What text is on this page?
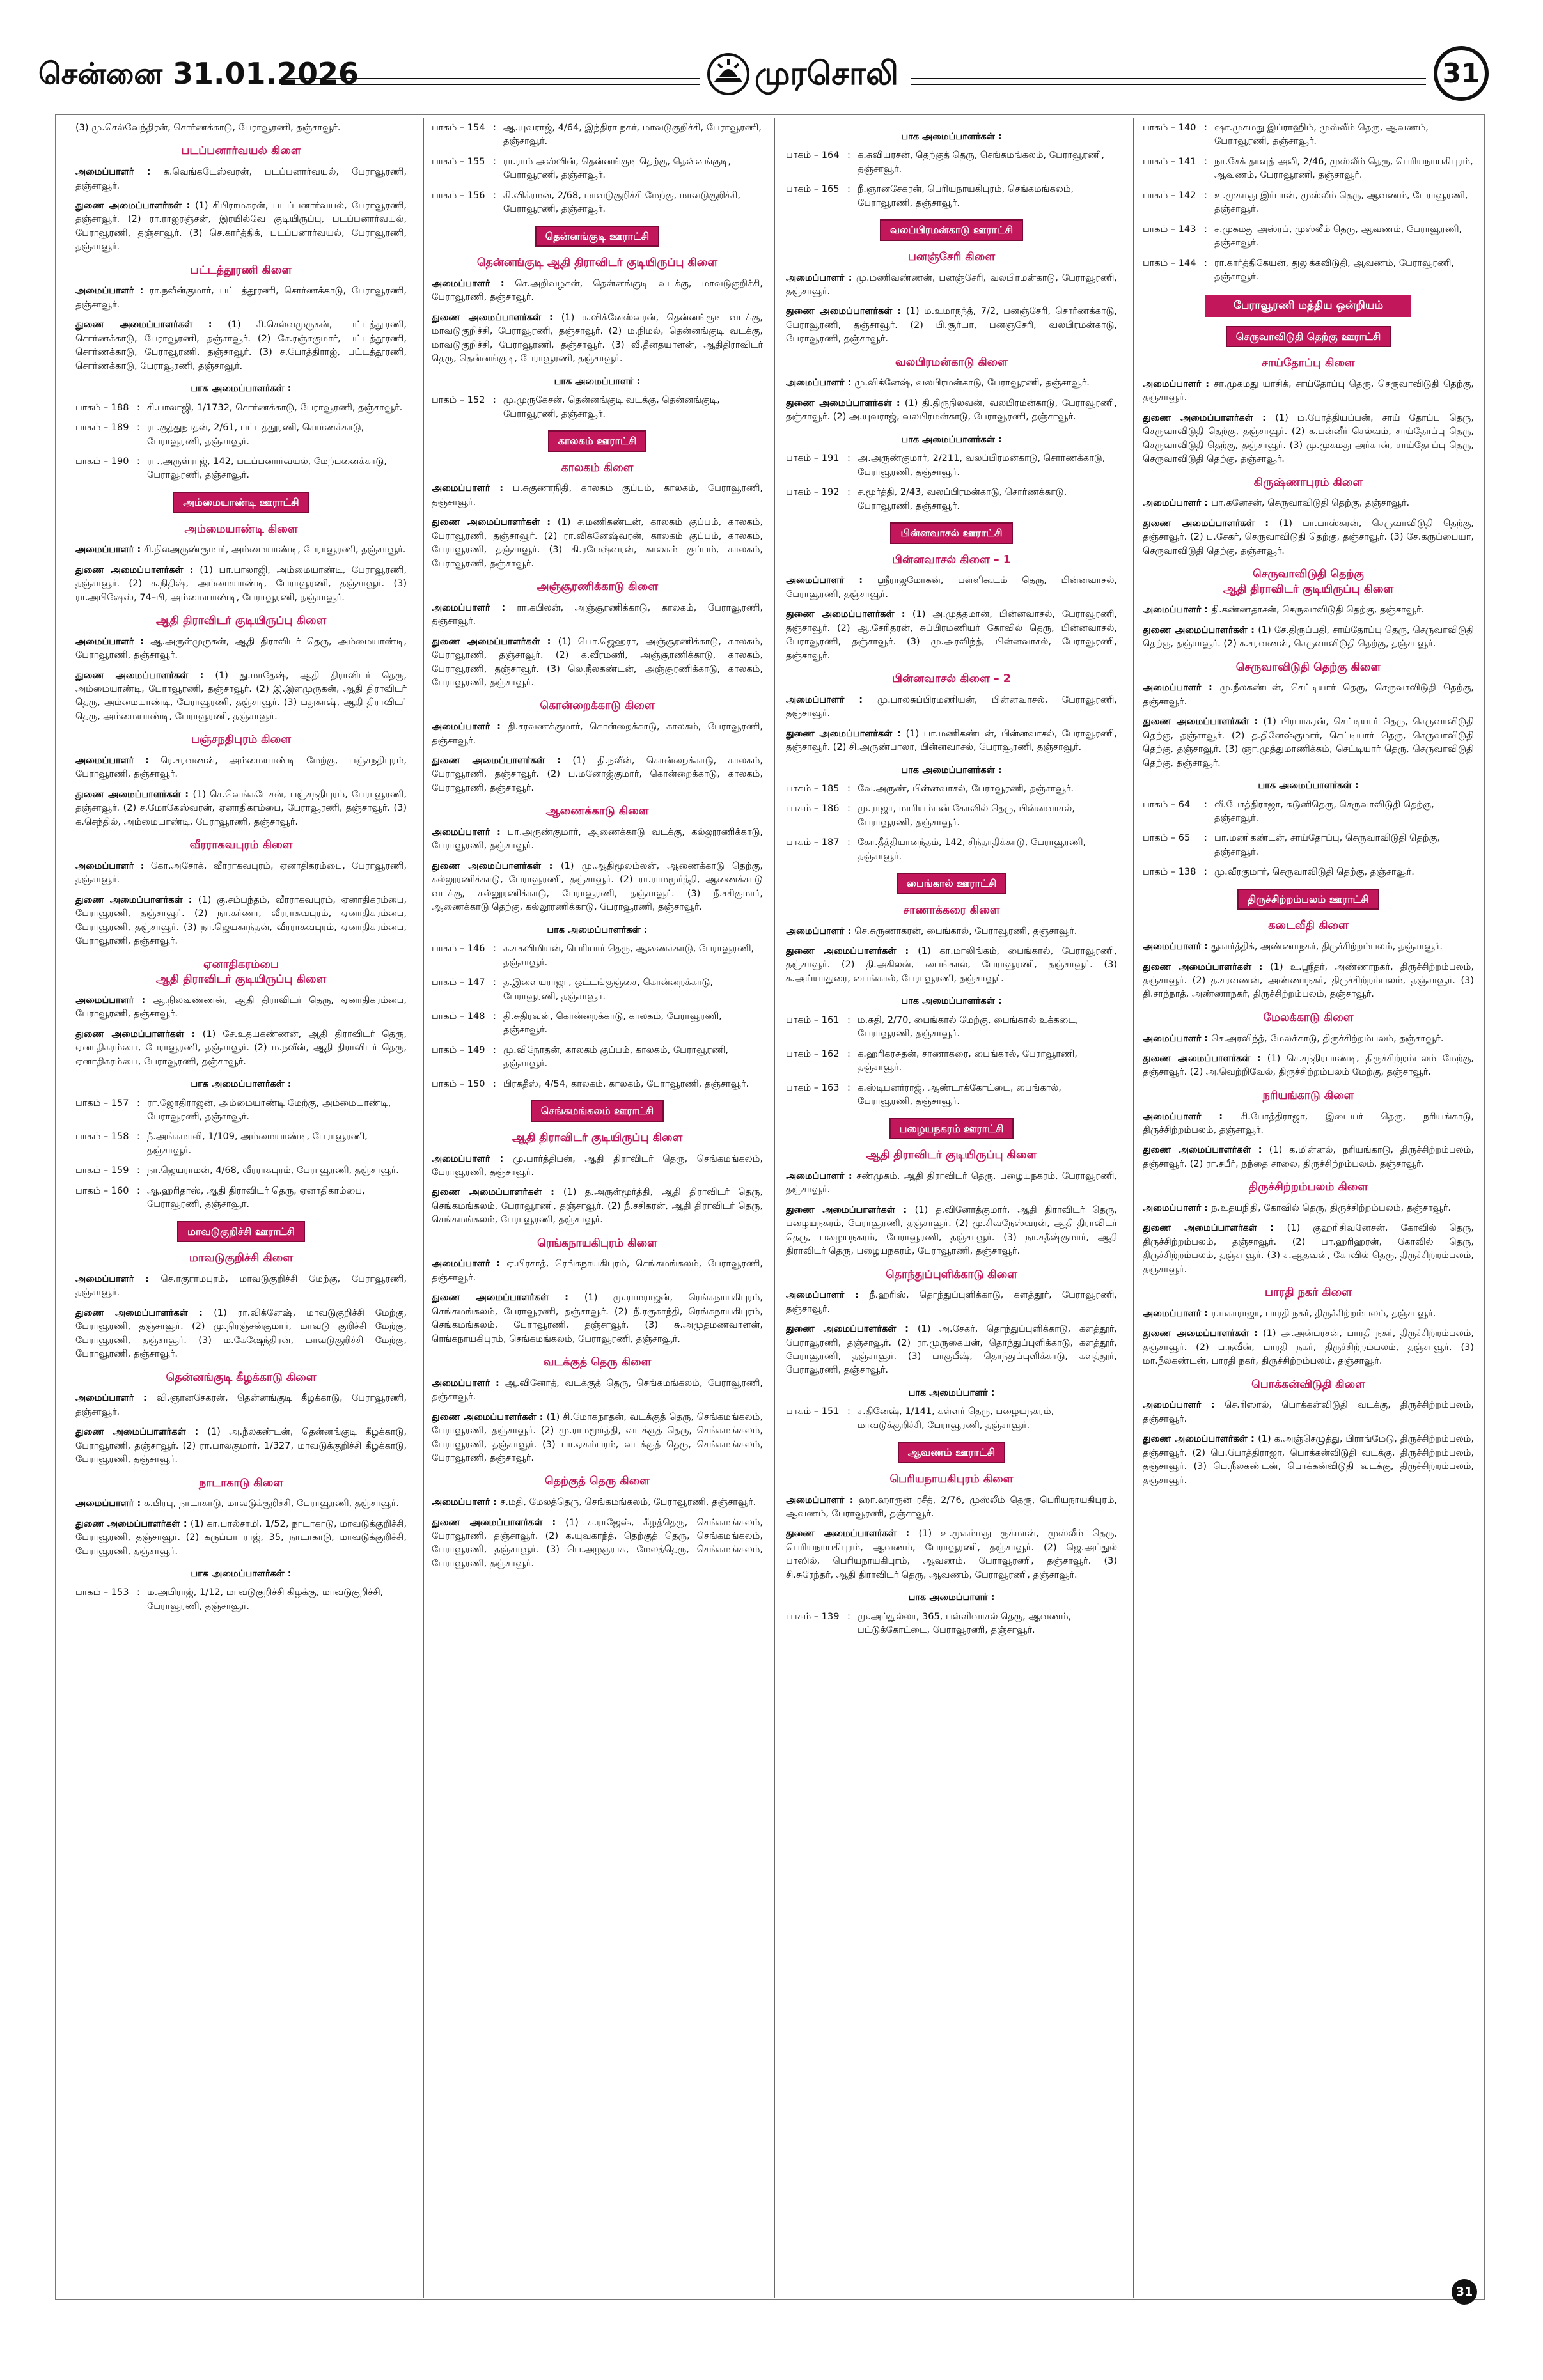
சென்னை 31.01.2026	முரசொலி	31

(3) மு.செல்வேந்திரன், சொர்ணக்காடு, பேராவூரணி, தஞ்சாவூர்.

படப்பனார்வயல் கிளை

அமைப்பாளர் : க.வெங்கடேஸ்வரன், படப்பனார்வயல், பேராவூரணி, தஞ்சாவூர்.

துணை அமைப்பாளர்கள் : (1) சிபிராமகரன், படப்பனார்வயல், பேராவூரணி, தஞ்சாவூர். (2) ரா.ராஜரஞ்சன், இரயில்வே குடியிருப்பு, படப்பனார்வயல், பேராவூரணி, தஞ்சாவூர். (3) செ.கார்த்திக், படப்பனார்வயல், பேராவூரணி, தஞ்சாவூர்.

பட்டத்தூரணி கிளை

அமைப்பாளர் : ரா.நவீன்குமார், பட்டத்தூரணி, சொர்ணக்காடு, பேராவூரணி, தஞ்சாவூர்.

துணை அமைப்பாளர்கள் : (1) சி.செல்வமுருகன், பட்டத்தூரணி, சொர்ணக்காடு, பேராவூரணி, தஞ்சாவூர். (2) சே.ரஞ்சகுமார், பட்டத்தூரணி, சொர்ணக்காடு, பேராவூரணி, தஞ்சாவூர். (3) ச.போத்திராஜ், பட்டத்தூரணி, சொர்ணக்காடு, பேராவூரணி, தஞ்சாவூர்.

பாக அமைப்பாளர்கள் :
பாகம் – 188 : சி.பாலாஜி, 1/1732, சொர்ணக்காடு, பேராவூரணி, தஞ்சாவூர்.
பாகம் – 189 : ரா.குத்துநாதன், 2/61, பட்டத்தூரணி, சொர்ணக்காடு, பேராவூரணி, தஞ்சாவூர்.
பாகம் – 190 : ரா.,அருள்ராஜ், 142, படப்பனார்வயல், மேற்பனைக்காடு, பேராவூரணி, தஞ்சாவூர்.
அம்மையாண்டி ஊராட்சி
அம்மையாண்டி கிளை

அமைப்பாளர் : சி.நிலஅருண்குமார், அம்மையாண்டி, பேராவூரணி, தஞ்சாவூர்.

துணை அமைப்பாளர்கள் : (1) பா.பாலாஜி, அம்மையாண்டி, பேராவூரணி, தஞ்சாவூர். (2) க.நிதிஷ், அம்மையாண்டி, பேராவூரணி, தஞ்சாவூர். (3) ரா.அபிஷேஸ், 74–பி, அம்மையாண்டி, பேராவூரணி, தஞ்சாவூர்.

ஆதி திராவிடர் குடியிருப்பு கிளை

அமைப்பாளர் : ஆ.அருள்முருகன், ஆதி திராவிடர் தெரு, அம்மையாண்டி, பேராவூரணி, தஞ்சாவூர்.

துணை அமைப்பாளர்கள் : (1) து.மாதேஷ், ஆதி திராவிடர் தெரு, அம்மையாண்டி, பேராவூரணி, தஞ்சாவூர். (2) இ.இளமுருகன், ஆதி திராவிடர் தெரு, அம்மையாண்டி, பேராவூரணி, தஞ்சாவூர். (3) பதுகாஷ், ஆதி திராவிடர் தெரு, அம்மையாண்டி, பேராவூரணி, தஞ்சாவூர்.

பஞ்சநதிபுரம் கிளை

அமைப்பாளர் : ரெ.சரவணன், அம்மையாண்டி மேற்கு, பஞ்சநதிபுரம், பேராவூரணி, தஞ்சாவூர்.

துணை அமைப்பாளர்கள் : (1) செ.வெங்கடேசன், பஞ்சநதிபுரம், பேராவூரணி, தஞ்சாவூர். (2) ச.மோகேஸ்வரன், ஏனாதிகரம்பை, பேராவூரணி, தஞ்சாவூர். (3) க.செந்தில், அம்மையாண்டி, பேராவூரணி, தஞ்சாவூர்.

வீரராகவபுரம் கிளை

அமைப்பாளர் : கோ.அசோக், வீரராகவபுரம், ஏனாதிகரம்பை, பேராவூரணி, தஞ்சாவூர்.

துணை அமைப்பாளர்கள் : (1) கு.சம்பந்தம், வீரராகவபுரம், ஏனாதிகரம்பை, பேராவூரணி, தஞ்சாவூர். (2) நா.கர்ணா, வீரராகவபுரம், ஏனாதிகரம்பை, பேராவூரணி, தஞ்சாவூர். (3) நா.ஜெயகாந்தன், வீரராகவபுரம், ஏனாதிகரம்பை, பேராவூரணி, தஞ்சாவூர்.

ஏனாதிகரம்பை
ஆதி திராவிடர் குடியிருப்பு கிளை

அமைப்பாளர் : ஆ.நிலவண்ணன், ஆதி திராவிடர் தெரு, ஏனாதிகரம்பை, பேராவூரணி, தஞ்சாவூர்.

துணை அமைப்பாளர்கள் : (1) சே.உதயகண்ணன், ஆதி திராவிடர் தெரு, ஏனாதிகரம்பை, பேராவூரணி, தஞ்சாவூர். (2) ம.நவீன், ஆதி திராவிடர் தெரு, ஏனாதிகரம்பை, பேராவூரணி, தஞ்சாவூர்.

பாக அமைப்பாளர்கள் :
பாகம் – 157 : ரா.ஜோதிராஜன், அம்மையாண்டி மேற்கு, அம்மையாண்டி, பேராவூரணி, தஞ்சாவூர்.
பாகம் – 158 : நீ.அங்கமாலி, 1/109, அம்மையாண்டி, பேராவூரணி, தஞ்சாவூர்.
பாகம் – 159 : நா.ஜெயராமன், 4/68, வீரராகபுரம், பேராவூரணி, தஞ்சாவூர்.
பாகம் – 160 : ஆ.ஹரிதாஸ், ஆதி திராவிடர் தெரு, ஏனாதிகரம்பை, பேராவூரணி, தஞ்சாவூர்.
மாவடுகுறிச்சி ஊராட்சி
மாவடுகுறிச்சி கிளை

அமைப்பாளர் : செ.ரகுராமபுரம், மாவடுகுறிச்சி மேற்கு, பேராவூரணி, தஞ்சாவூர்.

துணை அமைப்பாளர்கள் : (1) ரா.விக்னேஷ், மாவடுகுறிச்சி மேற்கு, பேராவூரணி, தஞ்சாவூர். (2) மு.நிரஞ்சன்குமார், மாவடு குறிச்சி மேற்கு, பேராவூரணி, தஞ்சாவூர். (3) ம.கேஷேந்திரன், மாவடுகுறிச்சி மேற்கு, பேராவூரணி, தஞ்சாவூர்.

தென்னங்குடி கீழக்காடு கிளை

அமைப்பாளர் : வி.ஞானசேகரன், தென்னங்குடி கீழக்காடு, பேராவூரணி, தஞ்சாவூர்.

துணை அமைப்பாளர்கள் : (1) அ.நீலகண்டன், தென்னங்குடி கீழக்காடு, பேராவூரணி, தஞ்சாவூர். (2) ரா.பாலகுமார், 1/327, மாவடுக்குறிச்சி கீழக்காடு, பேராவூரணி, தஞ்சாவூர்.

நாடாகாடு கிளை

அமைப்பாளர் : க.பிரபு, நாடாகாடு, மாவடுக்குறிச்சி, பேராவூரணி, தஞ்சாவூர்.

துணை அமைப்பாளர்கள் : (1) கா.பால்சாமி, 1/52, நாடாகாடு, மாவடுக்குறிச்சி, பேராவூரணி, தஞ்சாவூர். (2) கருப்பா ராஜ், 35, நாடாகாடு, மாவடுக்குறிச்சி, பேராவூரணி, தஞ்சாவூர்.

பாக அமைப்பாளர்கள் :
பாகம் – 153 : ம.அபிராஜ், 1/12, மாவடுகுறிச்சி கிழக்கு, மாவடுகுறிச்சி, பேராவூரணி, தஞ்சாவூர்.
பாகம் – 154 : ஆ.யுவராஜ், 4/64, இந்திரா நகர், மாவடுகுறிச்சி, பேராவூரணி, தஞ்சாவூர்.
பாகம் – 155 : ரா.ராம் அஸ்வின், தென்னங்குடி தெற்கு, தென்னங்குடி, பேராவூரணி, தஞ்சாவூர்.
பாகம் – 156 : கி.விக்ரமன், 2/68, மாவடுகுறிச்சி மேற்கு, மாவடுகுறிச்சி, பேராவூரணி, தஞ்சாவூர்.
தென்னங்குடி ஊராட்சி
தென்னங்குடி ஆதி திராவிடர் குடியிருப்பு கிளை

அமைப்பாளர் : செ.அறிவழகன், தென்னங்குடி வடக்கு, மாவடுகுறிச்சி, பேராவூரணி, தஞ்சாவூர்.

துணை அமைப்பாளர்கள் : (1) க.விக்னேஸ்வரன், தென்னங்குடி வடக்கு, மாவடுகுறிச்சி, பேராவூரணி, தஞ்சாவூர். (2) ம.நிமல், தென்னங்குடி வடக்கு, மாவடுகுறிச்சி, பேராவூரணி, தஞ்சாவூர். (3) வீ.தீனதயாளன், ஆதிதிராவிடர் தெரு, தென்னங்குடி, பேராவூரணி, தஞ்சாவூர்.

பாக அமைப்பாளர் :
பாகம் – 152 : மு.முருகேசன், தென்னங்குடி வடக்கு, தென்னங்குடி, பேராவூரணி, தஞ்சாவூர்.
காலகம் ஊராட்சி
காலகம் கிளை

அமைப்பாளர் : ப.சுகுணாநிதி, காலகம் குப்பம், காலகம், பேராவூரணி, தஞ்சாவூர்.

துணை அமைப்பாளர்கள் : (1) ச.மணிகண்டன், காலகம் குப்பம், காலகம், பேராவூரணி, தஞ்சாவூர். (2) ரா.விக்னேஷ்வரன், காலகம் குப்பம், காலகம், பேராவூரணி, தஞ்சாவூர். (3) கி.ரமேஷ்வரன், காலகம் குப்பம், காலகம், பேராவூரணி, தஞ்சாவூர்.

அஞ்சூரணிக்காடு கிளை

அமைப்பாளர் : ரா.கபிலன், அஞ்சூரணிக்காடு, காலகம், பேராவூரணி, தஞ்சாவூர்.

துணை அமைப்பாளர்கள் : (1) பொ.ஜெஹரா, அஞ்சூரணிக்காடு, காலகம், பேராவூரணி, தஞ்சாவூர். (2) க.வீரமணி, அஞ்சூரணிக்காடு, காலகம், பேராவூரணி, தஞ்சாவூர். (3) லெ.நீலகண்டன், அஞ்சூரணிக்காடு, காலகம், பேராவூரணி, தஞ்சாவூர்.

கொன்றைக்காடு கிளை

அமைப்பாளர் : தி.சரவணக்குமார், கொன்றைக்காடு, காலகம், பேராவூரணி, தஞ்சாவூர்.

துணை அமைப்பாளர்கள் : (1) தி.நவீன், கொன்றைக்காடு, காலகம், பேராவூரணி, தஞ்சாவூர். (2) ப.மனோஜ்குமார், கொன்றைக்காடு, காலகம், பேராவூரணி, தஞ்சாவூர்.

ஆணைக்காடு கிளை

அமைப்பாளர் : பா.அருண்குமார், ஆணைக்காடு வடக்கு, கல்லூரணிக்காடு, பேராவூரணி, தஞ்சாவூர்.

துணை அமைப்பாளர்கள் : (1) மு.ஆதிமூலம்லன், ஆணைக்காடு தெற்கு, கல்லூரணிக்காடு, பேராவூரணி, தஞ்சாவூர். (2) ரா.ராமமூர்த்தி, ஆணைக்காடு வடக்கு, கல்லூரணிக்காடு, பேராவூரணி, தஞ்சாவூர். (3) நீ.சசிகுமார், ஆணைக்காடு தெற்கு, கல்லூரணிக்காடு, பேராவூரணி, தஞ்சாவூர்.

பாக அமைப்பாளர்கள் :
பாகம் – 146 : க.சுகவிமியன், பெரியார் தெரு, ஆணைக்காடு, பேராவூரணி, தஞ்சாவூர்.
பாகம் – 147 : த.இளையராஜா, ஒட்டங்குஞ்சை, கொன்றைக்காடு, பேராவூரணி, தஞ்சாவூர்.
பாகம் – 148 : தி.சுதிரவன், கொன்றைக்காடு, காலகம், பேராவூரணி, தஞ்சாவூர்.
பாகம் – 149 : மு.விநோதன், காலகம் குப்பம், காலகம், பேராவூரணி, தஞ்சாவூர்.
பாகம் – 150 : பிரகதீஸ், 4/54, காலகம், காலகம், பேராவூரணி, தஞ்சாவூர்.
செங்கமங்கலம் ஊராட்சி
ஆதி திராவிடர் குடியிருப்பு கிளை

அமைப்பாளர் : மு.பார்த்திபன், ஆதி திராவிடர் தெரு, செங்கமங்கலம், பேராவூரணி, தஞ்சாவூர்.

துணை அமைப்பாளர்கள் : (1) த.அருள்மூர்த்தி, ஆதி திராவிடர் தெரு, செங்கமங்கலம், பேராவூரணி, தஞ்சாவூர். (2) நீ.சசிகரன், ஆதி திராவிடர் தெரு, செங்கமங்கலம், பேராவூரணி, தஞ்சாவூர்.

ரெங்கநாயகிபுரம் கிளை

அமைப்பாளர் : ஏ.பிரசாத், ரெங்கநாயகிபுரம், செங்கமங்கலம், பேராவூரணி, தஞ்சாவூர்.

துணை அமைப்பாளர்கள் : (1) மு.ராமராஜன், ரெங்கநாயகிபுரம், செங்கமங்கலம், பேராவூரணி, தஞ்சாவூர். (2) நீ.ரகுகாந்தி, ரெங்கநாயகிபுரம், செங்கமங்கலம், பேராவூரணி, தஞ்சாவூர். (3) சு.அமுதமணவாளன், ரெங்கநாயகிபுரம், செங்கமங்கலம், பேராவூரணி, தஞ்சாவூர்.

வடக்குத் தெரு கிளை

அமைப்பாளர் : ஆ.வினோத், வடக்குத் தெரு, செங்கமங்கலம், பேராவூரணி, தஞ்சாவூர்.

துணை அமைப்பாளர்கள் : (1) சி.மோகநாதன், வடக்குத் தெரு, செங்கமங்கலம், பேராவூரணி, தஞ்சாவூர். (2) மு.ராமமூர்த்தி, வடக்குத் தெரு, செங்கமங்கலம், பேராவூரணி, தஞ்சாவூர். (3) பா.ஏகம்பரம், வடக்குத் தெரு, செங்கமங்கலம், பேராவூரணி, தஞ்சாவூர்.

தெற்குத் தெரு கிளை

அமைப்பாளர் : ச.மதி, மேலத்தெரு, செங்கமங்கலம், பேராவூரணி, தஞ்சாவூர்.

துணை அமைப்பாளர்கள் : (1) க.ராஜேஷ், கீழத்தெரு, செங்கமங்கலம், பேராவூரணி, தஞ்சாவூர். (2) க.யுவகாந்த், தெற்குத் தெரு, செங்கமங்கலம், பேராவூரணி, தஞ்சாவூர். (3) பெ.அழகுராசு, மேலத்தெரு, செங்கமங்கலம், பேராவூரணி, தஞ்சாவூர்.

பாக அமைப்பாளர்கள் :
பாகம் – 164 : க.சுவியரசன், தெற்குத் தெரு, செங்கமங்கலம், பேராவூரணி, தஞ்சாவூர்.
பாகம் – 165 : நீ.ஞானசேகரன், பெரியநாயகிபுரம், செங்கமங்கலம், பேராவூரணி, தஞ்சாவூர்.
வலப்பிரமன்காடு ஊராட்சி
பனஞ்சேரி கிளை

அமைப்பாளர் : மு.மணிவண்ணன், பனஞ்சேரி, வலபிரமன்காடு, பேராவூரணி, தஞ்சாவூர்.

துணை அமைப்பாளர்கள் : (1) ம.உமாநந்த், 7/2, பனஞ்சேரி, சொர்ணக்காடு, பேராவூரணி, தஞ்சாவூர். (2) பி.சூர்யா, பனஞ்சேரி, வலபிரமன்காடு, பேராவூரணி, தஞ்சாவூர்.

வலபிரமன்காடு கிளை

அமைப்பாளர் : மு.விக்னேஷ், வலபிரமன்காடு, பேராவூரணி, தஞ்சாவூர்.

துணை அமைப்பாளர்கள் : (1) தி.திருநிலவன், வலபிரமன்காடு, பேராவூரணி, தஞ்சாவூர். (2) அ.யுவராஜ், வலபிரமன்காடு, பேராவூரணி, தஞ்சாவூர்.

பாக அமைப்பாளர்கள் :
பாகம் – 191 : அ.அருண்குமார், 2/211, வலப்பிரமன்காடு, சொர்ணக்காடு, பேராவூரணி, தஞ்சாவூர்.
பாகம் – 192 : ச.மூர்த்தி, 2/43, வலப்பிரமன்காடு, சொர்ணக்காடு, பேராவூரணி, தஞ்சாவூர்.
பின்னவாசல் ஊராட்சி
பின்னவாசல் கிளை – 1

அமைப்பாளர் : ஸ்ரீராஜமோகன், பள்ளிகூடம் தெரு, பின்னவாசல், பேராவூரணி, தஞ்சாவூர்.

துணை அமைப்பாளர்கள் : (1) அ.முத்தமான், பின்னவாசல், பேராவூரணி, தஞ்சாவூர். (2) ஆ.சேரிதரன், சுப்பிரமணியர் கோவில் தெரு, பின்னவாசல், பேராவூரணி, தஞ்சாவூர். (3) மு.அரவிந்த், பின்னவாசல், பேராவூரணி, தஞ்சாவூர்.

பின்னவாசல் கிளை – 2

அமைப்பாளர் : மு.பாலசுப்பிரமணியன், பின்னவாசல், பேராவூரணி, தஞ்சாவூர்.

துணை அமைப்பாளர்கள் : (1) பா.மணிகண்டன், பின்னவாசல், பேராவூரணி, தஞ்சாவூர். (2) சி.அருண்பாலா, பின்னவாசல், பேராவூரணி, தஞ்சாவூர்.

பாக அமைப்பாளர்கள் :
பாகம் – 185 : வே.அருண், பின்னவாசல், பேராவூரணி, தஞ்சாவூர்.
பாகம் – 186 : மு.ராஜா, மாரியம்மன் கோவில் தெரு, பின்னவாசல், பேராவூரணி, தஞ்சாவூர்.
பாகம் – 187 : கோ.தீத்தியானந்தம், 142, சிந்தாதிக்காடு, பேராவூரணி, தஞ்சாவூர்.
பைங்கால் ஊராட்சி
சாணாக்கரை கிளை

அமைப்பாளர் : செ.சுருணாகரன், பைங்கால், பேராவூரணி, தஞ்சாவூர்.

துணை அமைப்பாளர்கள் : (1) கா.மாலிங்கம், பைங்கால், பேராவூரணி, தஞ்சாவூர். (2) தி.அகிலன், பைங்கால், பேராவூரணி, தஞ்சாவூர். (3) க.அய்யாதுரை, பைங்கால், பேராவூரணி, தஞ்சாவூர்.

பாக அமைப்பாளர்கள் :
பாகம் – 161 : ம.சுதி, 2/70, பைங்கால் மேற்கு, பைங்கால் உக்கடை, பேராவூரணி, தஞ்சாவூர்.
பாகம் – 162 : க.ஹரிகரசுதன், சாணாகரை, பைங்கால், பேராவூரணி, தஞ்சாவூர்.
பாகம் – 163 : க.ஸ்டிபனர்ராஜ், ஆண்டாக்கோட்டை, பைங்கால், பேராவூரணி, தஞ்சாவூர்.
பழையநகரம் ஊராட்சி
ஆதி திராவிடர் குடியிருப்பு கிளை

அமைப்பாளர் : சண்முகம், ஆதி திராவிடர் தெரு, பழையநகரம், பேராவூரணி, தஞ்சாவூர்.

துணை அமைப்பாளர்கள் : (1) த.வினோத்குமார், ஆதி திராவிடர் தெரு, பழையநகரம், பேராவூரணி, தஞ்சாவூர். (2) மு.சிவநேஸ்வரன், ஆதி திராவிடர் தெரு, பழையநகரம், பேராவூரணி, தஞ்சாவூர். (3) நா.சதீஷ்குமார், ஆதி திராவிடர் தெரு, பழையநகரம், பேராவூரணி, தஞ்சாவூர்.

தொந்துப்புளிக்காடு கிளை

அமைப்பாளர் : நீ.ஹரிஸ், தொந்துப்புளிக்காடு, களத்தூர், பேராவூரணி, தஞ்சாவூர்.

துணை அமைப்பாளர்கள் : (1) அ.சேகர், தொந்துப்புளிக்காடு, களத்தூர், பேராவூரணி, தஞ்சாவூர். (2) ரா.முருகையன், தொந்துப்புளிக்காடு, களத்தூர், பேராவூரணி, தஞ்சாவூர். (3) பாகுபீஷ், தொந்துப்புளிக்காடு, களத்தூர், பேராவூரணி, தஞ்சாவூர்.

பாக அமைப்பாளர் :
பாகம் – 151 : ச.தினேஷ், 1/141, கள்ளர் தெரு, பழையநகரம், மாவடுக்குறிச்சி, பேராவூரணி, தஞ்சாவூர்.
ஆவணம் ஊராட்சி
பெரியநாயகிபுரம் கிளை

அமைப்பாளர் : ஹா.ஹாருன் ரசீத், 2/76, முஸ்லீம் தெரு, பெரியநாயகிபுரம், ஆவணம், பேராவூரணி, தஞ்சாவூர்.

துணை அமைப்பாளர்கள் : (1) உ.முகம்மது ருக்மான், முஸ்லீம் தெரு, பெரியநாயகிபுரம், ஆவணம், பேராவூரணி, தஞ்சாவூர். (2) ஜெ.அப்துல் பாஸில், பெரியநாயகிபுரம், ஆவணம், பேராவூரணி, தஞ்சாவூர். (3) சி.சுரேந்தர், ஆதி திராவிடர் தெரு, ஆவணம், பேராவூரணி, தஞ்சாவூர்.

பாக அமைப்பாளர் :
பாகம் – 139 : மு.அப்துல்லா, 365, பள்ளிவாசல் தெரு, ஆவணம், பட்டுக்கோட்டை, பேராவூரணி, தஞ்சாவூர்.
பாகம் – 140 : ஷா.முகமது இப்ராஹிம், முஸ்லீம் தெரு, ஆவணம், பேராவூரணி, தஞ்சாவூர்.
பாகம் – 141 : நா.சேக் தாவுத் அலி, 2/46, முஸ்லீம் தெரு, பெரியநாயகிபுரம், ஆவணம், பேராவூரணி, தஞ்சாவூர்.
பாகம் – 142 : உ.முகமது இர்பான், முஸ்லீம் தெரு, ஆவணம், பேராவூரணி, தஞ்சாவூர்.
பாகம் – 143 : ச.முகமது அஸ்ரப், முஸ்லீம் தெரு, ஆவணம், பேராவூரணி, தஞ்சாவூர்.
பாகம் – 144 : ரா.கார்த்திகேயன், துலுக்கவிடுதி, ஆவணம், பேராவூரணி, தஞ்சாவூர்.
பேராவூரணி மத்திய ஒன்றியம்
செருவாவிடுதி தெற்கு ஊராட்சி
சாய்தோப்பு கிளை

அமைப்பாளர் : சா.முகமது யாசிக், சாய்தோப்பு தெரு, செருவாவிடுதி தெற்கு, தஞ்சாவூர்.

துணை அமைப்பாளர்கள் : (1) ம.போத்தியப்பன், சாய் தோப்பு தெரு, செருவாவிடுதி தெற்கு, தஞ்சாவூர். (2) க.பன்னீர் செல்வம், சாய்தோப்பு தெரு, செருவாவிடுதி தெற்கு, தஞ்சாவூர். (3) மு.முகமது அர்கான், சாய்தோப்பு தெரு, செருவாவிடுதி தெற்கு, தஞ்சாவூர்.

கிருஷ்ணாபுரம் கிளை

அமைப்பாளர் : பா.கனேசன், செருவாவிடுதி தெற்கு, தஞ்சாவூர்.

துணை அமைப்பாளர்கள் : (1) பா.பாஸ்கரன், செருவாவிடுதி தெற்கு, தஞ்சாவூர். (2) ப.சேகர், செருவாவிடுதி தெற்கு, தஞ்சாவூர். (3) சே.கருப்பையா, செருவாவிடுதி தெற்கு, தஞ்சாவூர்.

செருவாவிடுதி தெற்கு
ஆதி திராவிடர் குடியிருப்பு கிளை

அமைப்பாளர் : தி.கண்ணதாசன், செருவாவிடுதி தெற்கு, தஞ்சாவூர்.

துணை அமைப்பாளர்கள் : (1) சே.திருப்பதி, சாய்தோப்பு தெரு, செருவாவிடுதி தெற்கு, தஞ்சாவூர். (2) க.சரவணன், செருவாவிடுதி தெற்கு, தஞ்சாவூர்.

செருவாவிடுதி தெற்கு கிளை

அமைப்பாளர் : மு.நீலகண்டன், செட்டியார் தெரு, செருவாவிடுதி தெற்கு, தஞ்சாவூர்.

துணை அமைப்பாளர்கள் : (1) பிரபாகரன், செட்டியார் தெரு, செருவாவிடுதி தெற்கு, தஞ்சாவூர். (2) த.தினேஷ்குமார், செட்டியார் தெரு, செருவாவிடுதி தெற்கு, தஞ்சாவூர். (3) ஞா.முத்துமாணிக்கம், செட்டியார் தெரு, செருவாவிடுதி தெற்கு, தஞ்சாவூர்.

பாக அமைப்பாளர்கள் :
பாகம் – 64	: வீ.போத்திராஜா, சுடுனிதெரு, செருவாவிடுதி தெற்கு, தஞ்சாவூர்.
பாகம் – 65	: பா.மணிகண்டன், சாய்தோப்பு, செருவாவிடுதி தெற்கு, தஞ்சாவூர்.
பாகம் – 138 : மு.வீரகுமார், செருவாவிடுதி தெற்கு, தஞ்சாவூர்.
திருச்சிற்றம்பலம் ஊராட்சி
கடைவீதி கிளை

அமைப்பாளர் : துகார்த்திக், அண்ணாநகர், திருச்சிற்றம்பலம், தஞ்சாவூர்.

துணை அமைப்பாளர்கள் : (1) உ.ஸ்ரீதர், அண்ணாநகர், திருச்சிற்றம்பலம், தஞ்சாவூர். (2) த.சரவணன், அண்ணாநகர், திருச்சிற்றம்பலம், தஞ்சாவூர். (3) தி.சாந்நாத், அண்ணாநகர், திருச்சிற்றம்பலம், தஞ்சாவூர்.

மேலக்காடு கிளை

அமைப்பாளர் : செ.அரவிந்த், மேலக்காடு, திருச்சிற்றம்பலம், தஞ்சாவூர்.

துணை அமைப்பாளர்கள் : (1) செ.சந்திரபாண்டி, திருச்சிற்றம்பலம் மேற்கு, தஞ்சாவூர். (2) அ.வெற்றிவேல், திருச்சிற்றம்பலம் மேற்கு, தஞ்சாவூர்.

நரியங்காடு கிளை

அமைப்பாளர் : சி.போத்திராஜா, இடையர் தெரு, நரியங்காடு, திருச்சிற்றம்பலம், தஞ்சாவூர்.

துணை அமைப்பாளர்கள் : (1) க.மின்னல், நரியங்காடு, திருச்சிற்றம்பலம், தஞ்சாவூர். (2) ரா.சபீர், நந்தை சாலை, திருச்சிற்றம்பலம், தஞ்சாவூர்.

திருச்சிற்றம்பலம் கிளை

அமைப்பாளர் : ந.உதயநிதி, கோவில் தெரு, திருச்சிற்றம்பலம், தஞ்சாவூர்.

துணை அமைப்பாளர்கள் : (1) குஹரிசிவனேசன், கோவில் தெரு, திருச்சிற்றம்பலம், தஞ்சாவூர். (2) பா.ஹரிஹரன், கோவில் தெரு, திருச்சிற்றம்பலம், தஞ்சாவூர். (3) ச.ஆதவன், கோவில் தெரு, திருச்சிற்றம்பலம், தஞ்சாவூர்.

பாரதி நகர் கிளை

அமைப்பாளர் : ர.மகாராஜா, பாரதி நகர், திருச்சிற்றம்பலம், தஞ்சாவூர்.

துணை அமைப்பாளர்கள் : (1) அ.அன்பரசன், பாரதி நகர், திருச்சிற்றம்பலம், தஞ்சாவூர். (2) ப.நவீன், பாரதி நகர், திருச்சிற்றம்பலம், தஞ்சாவூர். (3) மா.நீலகண்டன், பாரதி நகர், திருச்சிற்றம்பலம், தஞ்சாவூர்.

பொக்கன்விடுதி கிளை

அமைப்பாளர் : செ.ரிஸால், பொக்கன்விடுதி வடக்கு, திருச்சிற்றம்பலம், தஞ்சாவூர்.

துணை அமைப்பாளர்கள் : (1) க.அஞ்செழுத்து, பிராங்மேடு, திருச்சிற்றம்பலம், தஞ்சாவூர். (2) பெ.போத்திராஜா, பொக்கன்விடுதி வடக்கு, திருச்சிற்றம்பலம், தஞ்சாவூர். (3) பெ.நீலகண்டன், பொக்கன்விடுதி வடக்கு, திருச்சிற்றம்பலம், தஞ்சாவூர்.

31
